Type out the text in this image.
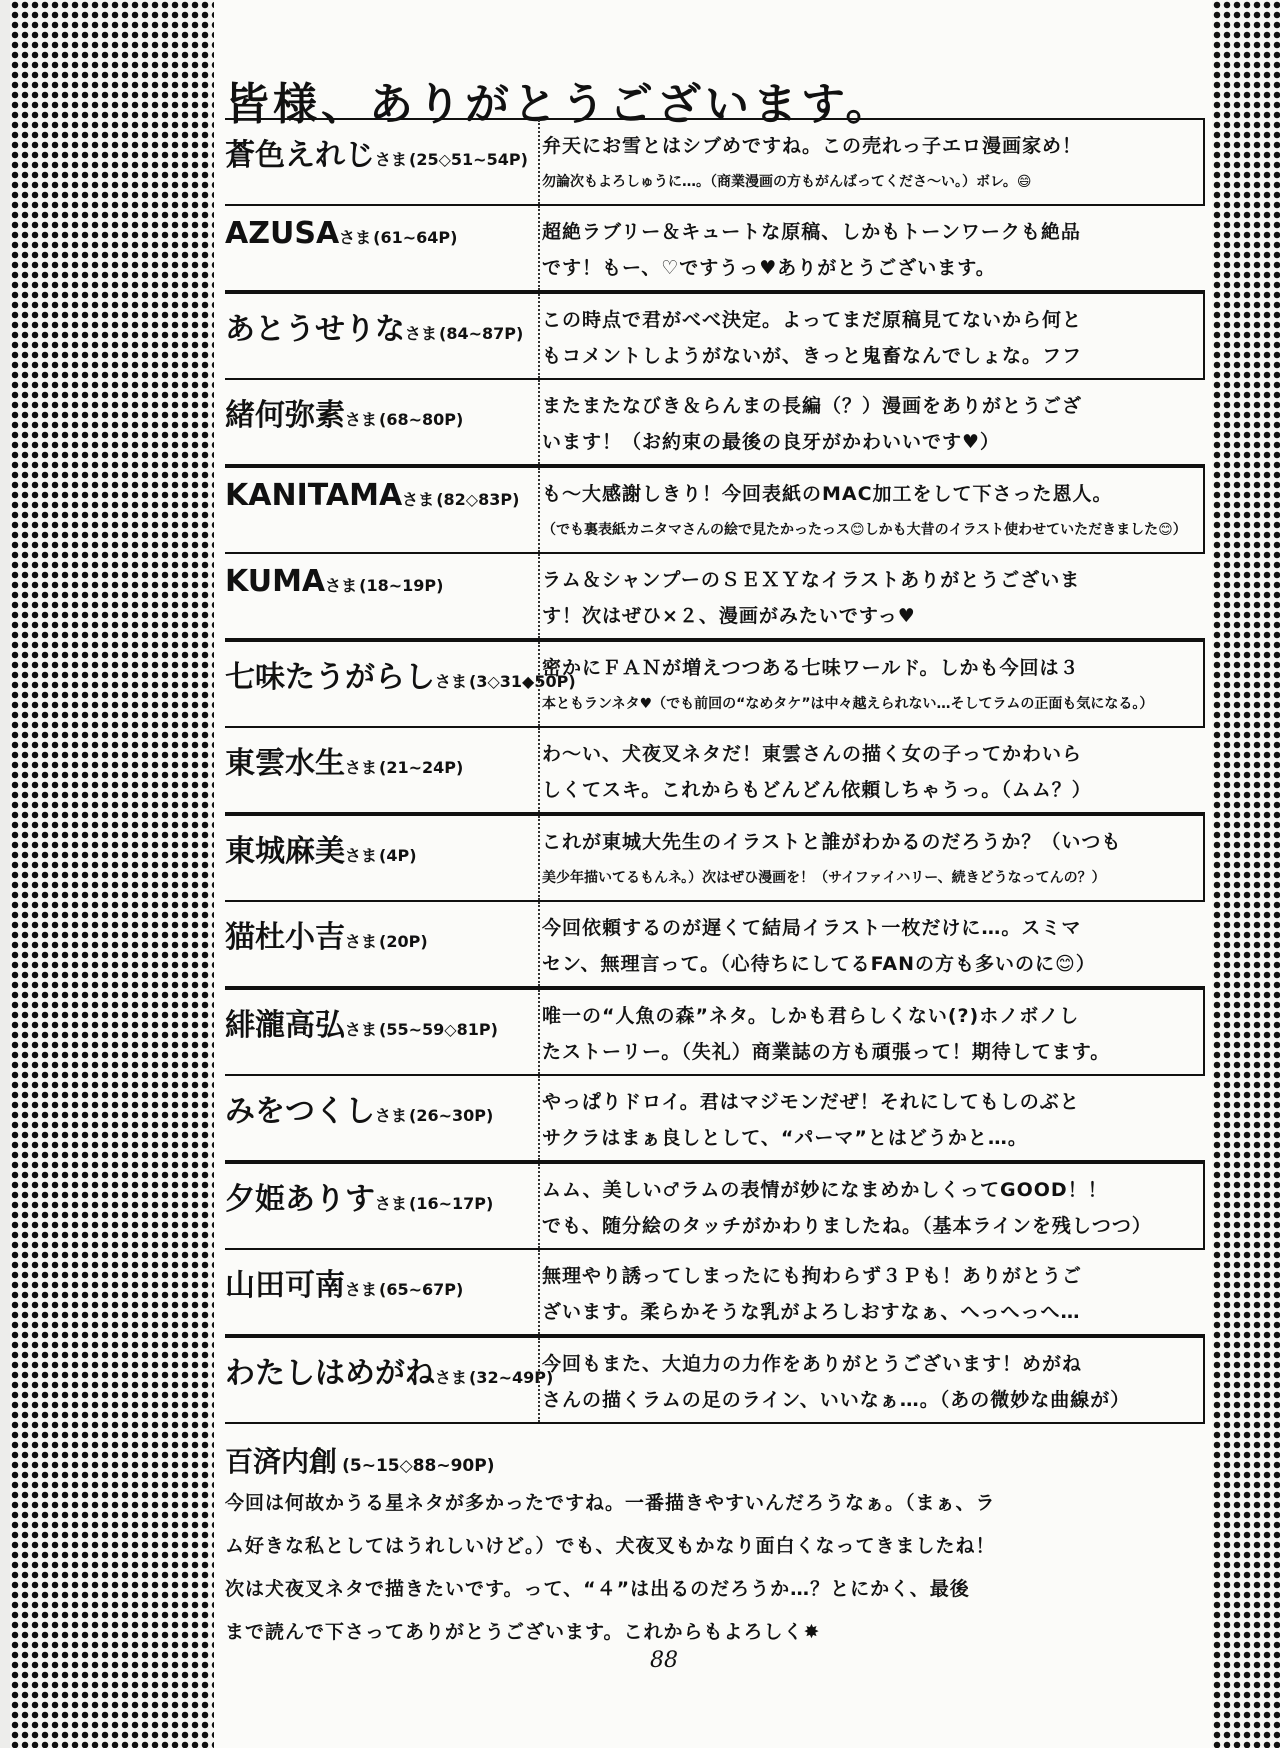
皆様、ありがとうございます。
蒼色えれじさま (25◇51~54P)
弁天にお雪とはシブめですね。この売れっ子エロ漫画家め！
勿論次もよろしゅうに…。（商業漫画の方もがんばってくださ〜い。）ボレ。😄
AZUSAさま (61~64P)	超絶ラブリー＆キュートな原稿、しかもトーンワークも絶品
です！もー、♡ですうっ♥ありがとうございます。
あとうせりなさま (84~87P)
この時点で君がべべ決定。よってまだ原稿見てないから何と
もコメントしようがないが、きっと鬼畜なんでしょな。フフ
緒何弥素さま (68~80P)
またまたなびき＆らんまの長編（？）漫画をありがとうござ
います！（お約束の最後の良牙がかわいいです♥）
KANITAMAさま (82◇83P)	も〜大感謝しきり！今回表紙のMAC加工をして下さった恩人。
（でも裏表紙カニタマさんの絵で見たかったっス😊しかも大昔のイラスト使わせていただきました😊）
KUMAさま (18~19P)	ラム＆シャンプーのＳＥＸＹなイラストありがとうございま
す！次はぜひ×２、漫画がみたいですっ♥
七味たうがらしさま (3◇31◆50P)
密かにＦＡＮが増えつつある七味ワールド。しかも今回は３
本ともランネタ♥（でも前回の“なめタケ”は中々越えられない…そしてラムの正面も気になる。）
東雲水生さま (21~24P)
わ〜い、犬夜叉ネタだ！東雲さんの描く女の子ってかわいら
しくてスキ。これからもどんどん依頼しちゃうっ。（ムム？）
東城麻美さま (4P)
これが東城大先生のイラストと誰がわかるのだろうか？（いつも
美少年描いてるもんネ。）次はぜひ漫画を！（サイファイハリー、続きどうなってんの？）
猫杜小吉さま (20P)
今回依頼するのが遅くて結局イラスト一枚だけに…。スミマ
セン、無理言って。（心待ちにしてるFANの方も多いのに😊）
緋瀧高弘さま (55~59◇81P)
唯一の“人魚の森”ネタ。しかも君らしくない(?)ホノボノし
たストーリー。（失礼）商業誌の方も頑張って！期待してます。
みをつくしさま (26~30P)
やっぱりドロイ。君はマジモンだぜ！それにしてもしのぶと
サクラはまぁ良しとして、“パーマ”とはどうかと…。
夕姫ありすさま (16~17P)
ムム、美しい♂ラムの表情が妙になまめかしくってGOOD！！
でも、随分絵のタッチがかわりましたね。（基本ラインを残しつつ）
山田可南さま (65~67P)
無理やり誘ってしまったにも拘わらず３Ｐも！ありがとうご
ざいます。柔らかそうな乳がよろしおすなぁ、へっへっへ…
わたしはめがねさま (32~49P)
今回もまた、大迫力の力作をありがとうございます！めがね
さんの描くラムの足のライン、いいなぁ…。（あの微妙な曲線が）
百済内創 (5~15◇88~90P)
今回は何故かうる星ネタが多かったですね。一番描きやすいんだろうなぁ。（まぁ、ラ
ム好きな私としてはうれしいけど。）でも、犬夜叉もかなり面白くなってきましたね！
次は犬夜叉ネタで描きたいです。って、“４”は出るのだろうか…？とにかく、最後
まで読んで下さってありがとうございます。これからもよろしく✸
88
